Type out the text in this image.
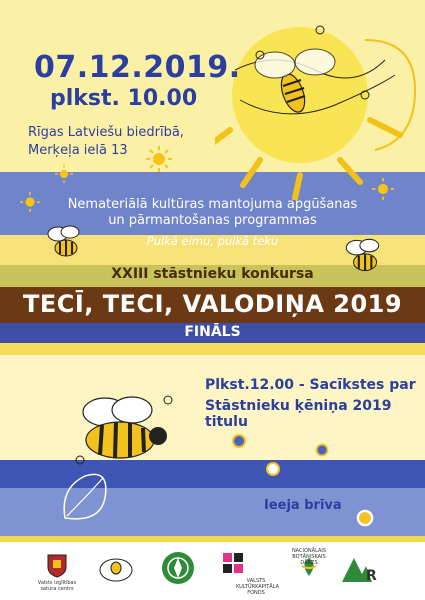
07.12.2019.
plkst. 10.00
Rīgas Latviešu biedrībā,
Merķeļa ielā 13
Nemateriālā kultūras mantojuma apgūšanas
un pārmantošanas programmas
Pulkā eimu, pulkā teku
XXIII stāstnieku konkursa
TECĪ, TECI, VALODIŅA 2019
FINĀLS
Plkst.12.00 - Sacīkstes par
Stāstnieku ķēniņa 2019 titulu
Ieeja brīva
Valsts izglītības satura centrs
VALSTS KULTŪRKAPITĀLA FONDS
NACIONĀLAIS BOTĀNISKAIS DĀRZS
R
